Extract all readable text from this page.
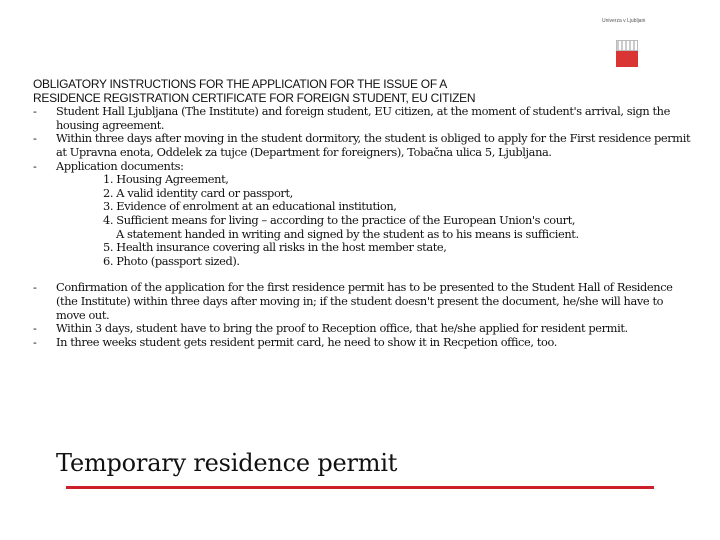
Univerza v Ljubljani
OBLIGATORY INSTRUCTIONS FOR THE APPLICATION FOR THE ISSUE OF A
RESIDENCE REGISTRATION CERTIFICATE FOR FOREIGN STUDENT, EU CITIZEN
- Student Hall Ljubljana (The Institute) and foreign student, EU citizen, at the moment of student's arrival, sign the housing agreement.
- Within three days after moving in the student dormitory, the student is obliged to apply for the First residence permit at Upravna enota, Oddelek za tujce (Department for foreigners), Tobačna ulica 5, Ljubljana.
- Application documents:
1. Housing Agreement,
2. A valid identity card or passport,
3. Evidence of enrolment at an educational institution,
4. Sufficient means for living – according to the practice of the European Union's court,
A statement handed in writing and signed by the student as to his means is sufficient.
5. Health insurance covering all risks in the host member state,
6. Photo (passport sized).
- Confirmation of the application for the first residence permit has to be presented to the Student Hall of Residence (the Institute) within three days after moving in; if the student doesn't present the document, he/she will have to move out.
- Within 3 days, student have to bring the proof to Reception office, that he/she applied for resident permit.
- In three weeks student gets resident permit card, he need to show it in Recpetion office, too.
Temporary residence permit
